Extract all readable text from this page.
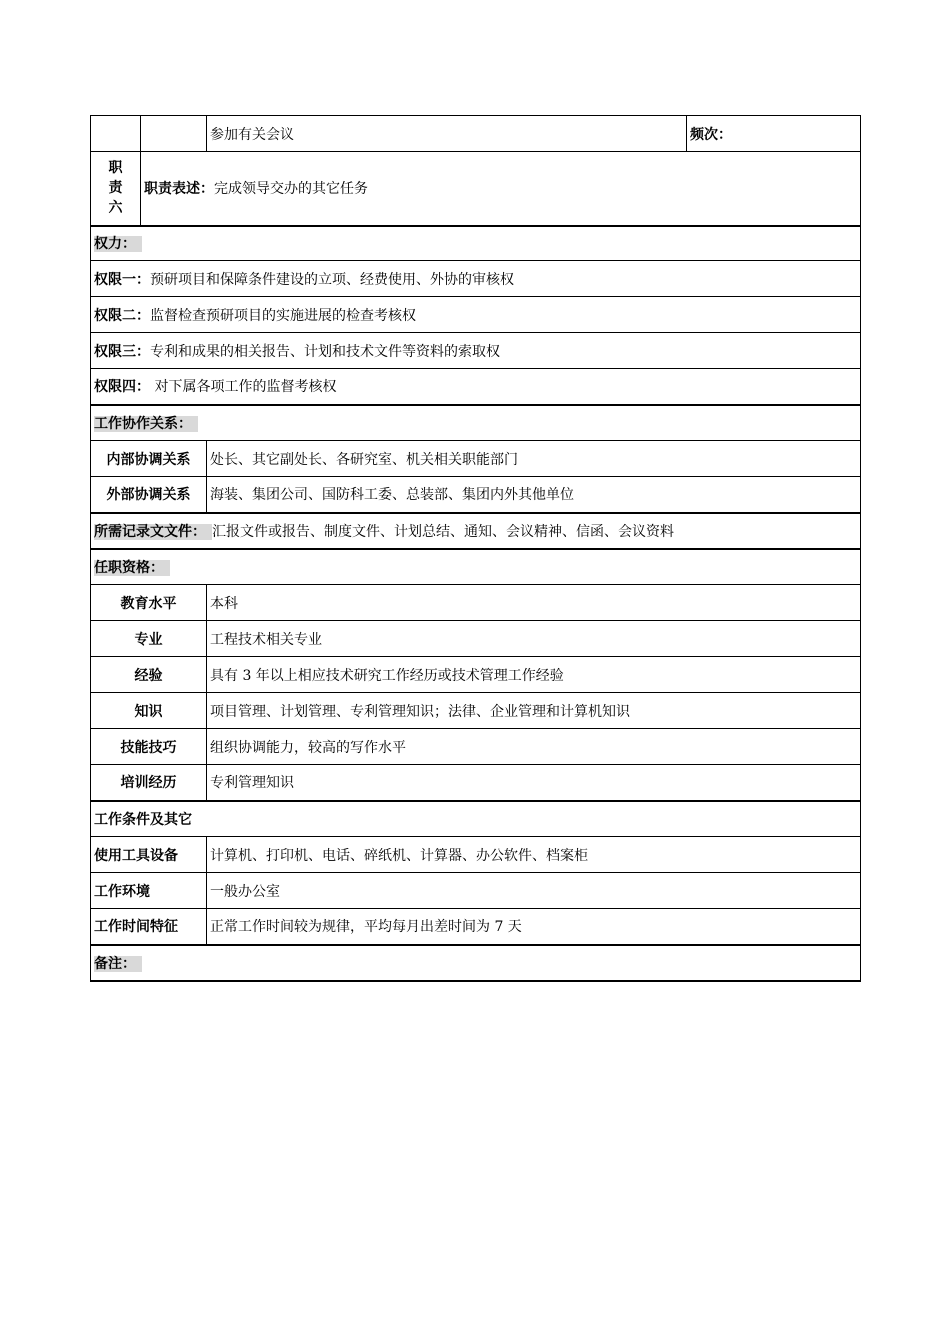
		参加有关会议	频次：

职
责
六	职责表述：完成领导交办的其它任务		
权力：			
权限一：预研项目和保障条件建设的立项、经费使用、外协的审核权			
权限二：监督检查预研项目的实施进展的检查考核权			
权限三：专利和成果的相关报告、计划和技术文件等资料的索取权			
权限四： 对下属各项工作的监督考核权			
工作协作关系：			
内部协调关系		处长、其它副处长、各研究室、机关相关职能部门	
外部协调关系		海装、集团公司、国防科工委、总装部、集团内外其他单位	
所需记录文文件： 汇报文件或报告、制度文件、计划总结、通知、会议精神、信函、会议资料			
任职资格：			
教育水平		本科	
专业		工程技术相关专业	
经验		具有 3 年以上相应技术研究工作经历或技术管理工作经验	
知识		项目管理、计划管理、专利管理知识；法律、企业管理和计算机知识	
技能技巧		组织协调能力，较高的写作水平	
培训经历		专利管理知识	
工作条件及其它			
使用工具设备		计算机、打印机、电话、碎纸机、计算器、办公软件、档案柜	
工作环境		一般办公室	
工作时间特征		正常工作时间较为规律，平均每月出差时间为 7 天	
备注：			
